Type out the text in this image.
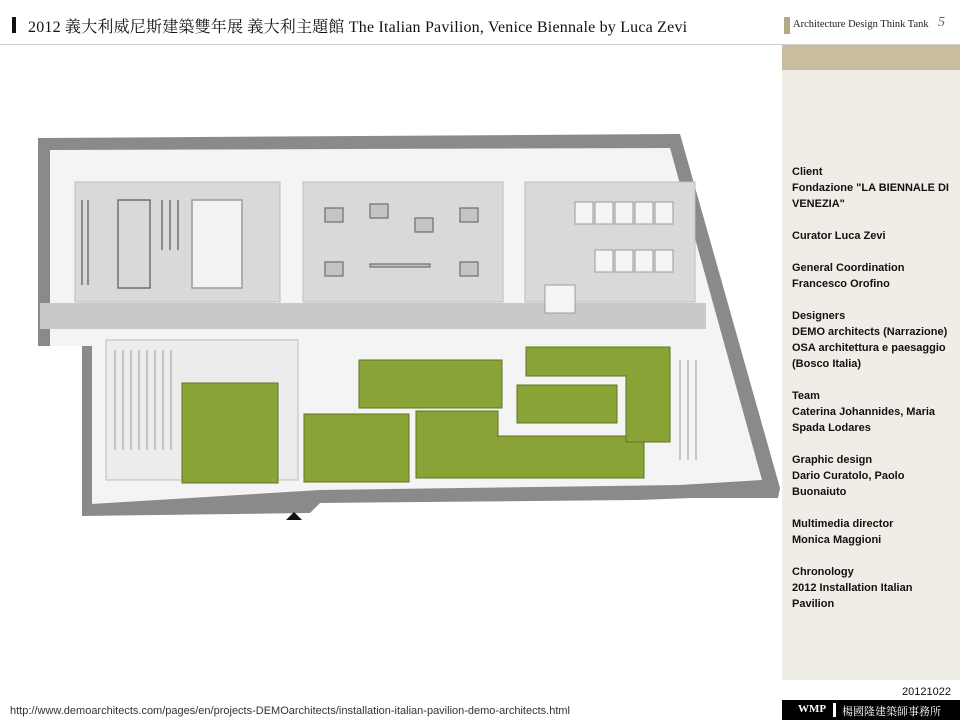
2012 義大利威尼斯建築雙年展 義大利主題館 The Italian Pavilion, Venice Biennale by Luca Zevi	Architecture Design Think Tank 5
Client
Fondazione "LA BIENNALE DI
VENEZIA"
Curator Luca Zevi
General Coordination
Francesco Orofino
Designers
DEMO architects (Narrazione)
OSA architettura e paesaggio
(Bosco Italia)
Team
Caterina Johannides, Maria
Spada Lodares
Graphic design
Dario Curatolo, Paolo
Buonaiuto
Multimedia director
Monica Maggioni
Chronology
2012 Installation Italian
Pavilion
20121022
http://www.demoarchitects.com/pages/en/projects-DEMOarchitects/installation-italian-pavilion-demo-architects.html	WMP 楊國隆建築師事務所
